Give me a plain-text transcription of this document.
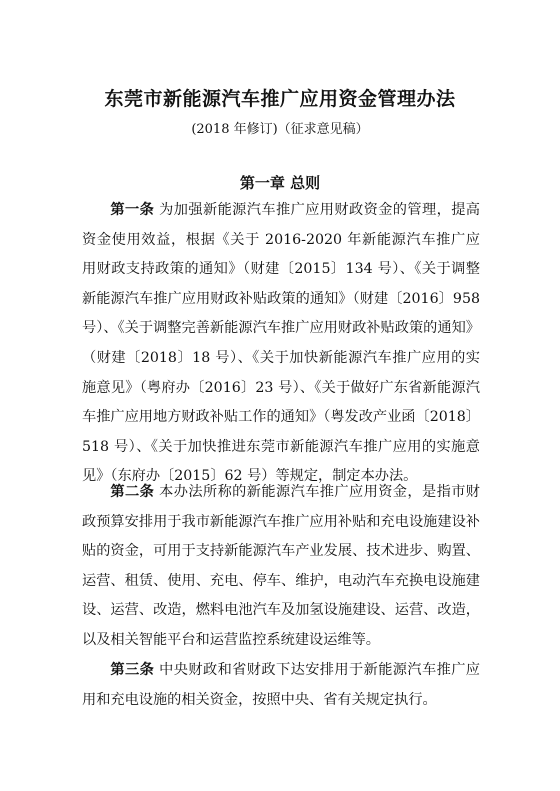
东莞市新能源汽车推广应用资金管理办法
(2018 年修订)（征求意见稿）
第一章 总则
第一条 为加强新能源汽车推广应用财政资金的管理，提高资金使用效益，根据《关于 2016-2020 年新能源汽车推广应用财政支持政策的通知》（财建〔2015〕134 号）、《关于调整新能源汽车推广应用财政补贴政策的通知》（财建〔2016〕958号）、《关于调整完善新能源汽车推广应用财政补贴政策的通知》（财建〔2018〕18 号）、《关于加快新能源汽车推广应用的实施意见》（粤府办〔2016〕23 号）、《关于做好广东省新能源汽车推广应用地方财政补贴工作的通知》（粤发改产业函〔2018〕518 号）、《关于加快推进东莞市新能源汽车推广应用的实施意见》（东府办〔2015〕62 号）等规定，制定本办法。
第二条 本办法所称的新能源汽车推广应用资金，是指市财政预算安排用于我市新能源汽车推广应用补贴和充电设施建设补贴的资金，可用于支持新能源汽车产业发展、技术进步、购置、运营、租赁、使用、充电、停车、维护，电动汽车充换电设施建设、运营、改造，燃料电池汽车及加氢设施建设、运营、改造，以及相关智能平台和运营监控系统建设运维等。
第三条 中央财政和省财政下达安排用于新能源汽车推广应用和充电设施的相关资金，按照中央、省有关规定执行。
